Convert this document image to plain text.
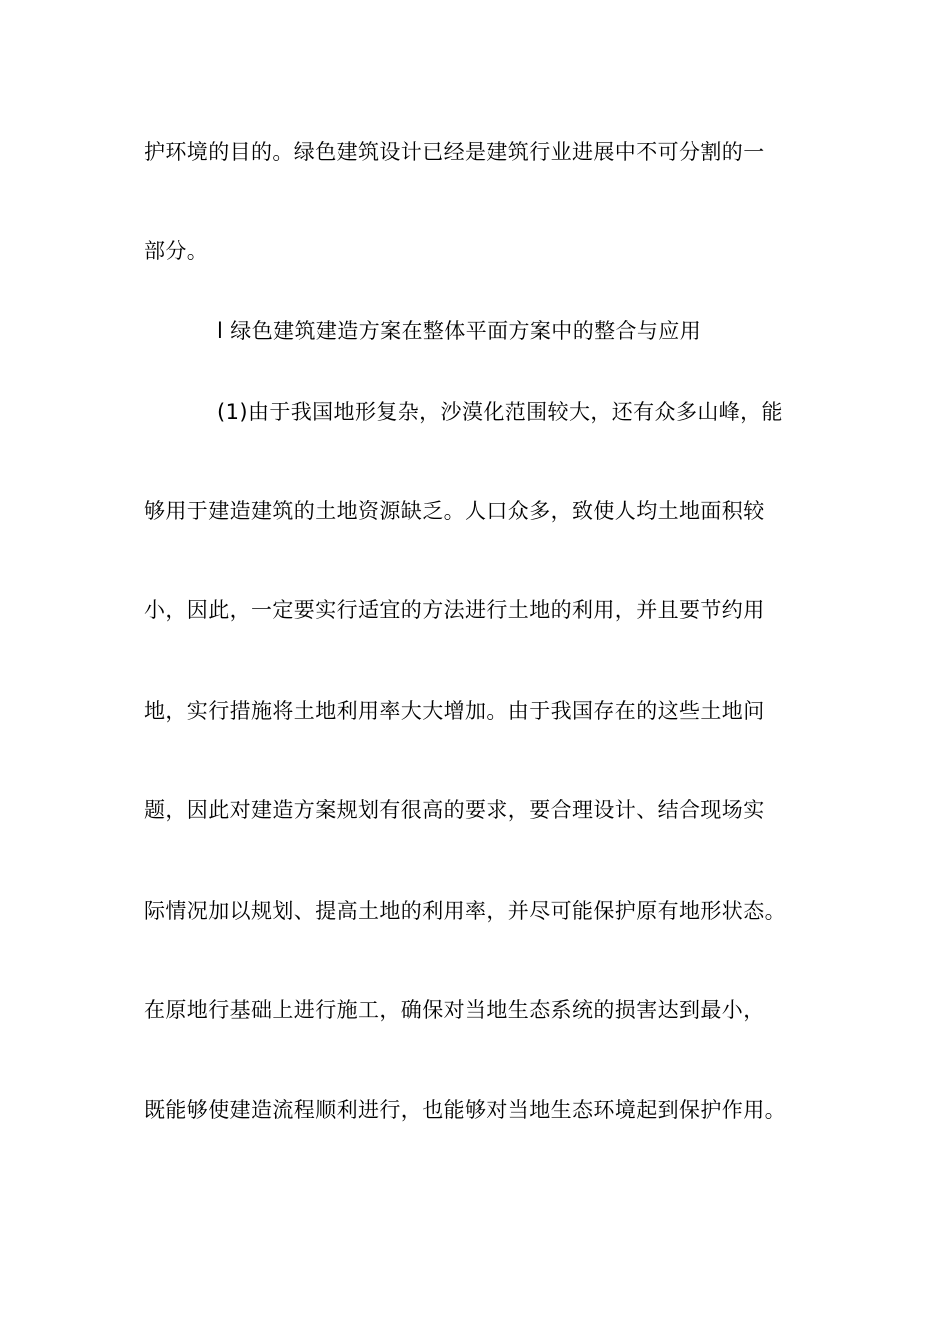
护环境的目的。绿色建筑设计已经是建筑行业进展中不可分割的一
部分。
l 绿色建筑建造方案在整体平面方案中的整合与应用
(1)由于我国地形复杂，沙漠化范围较大，还有众多山峰，能
够用于建造建筑的土地资源缺乏。人口众多，致使人均土地面积较
小，因此，一定要实行适宜的方法进行土地的利用，并且要节约用
地，实行措施将土地利用率大大增加。由于我国存在的这些土地问
题，因此对建造方案规划有很高的要求，要合理设计、结合现场实
际情况加以规划、提高土地的利用率，并尽可能保护原有地形状态。
在原地行基础上进行施工，确保对当地生态系统的损害达到最小，
既能够使建造流程顺利进行，也能够对当地生态环境起到保护作用。
